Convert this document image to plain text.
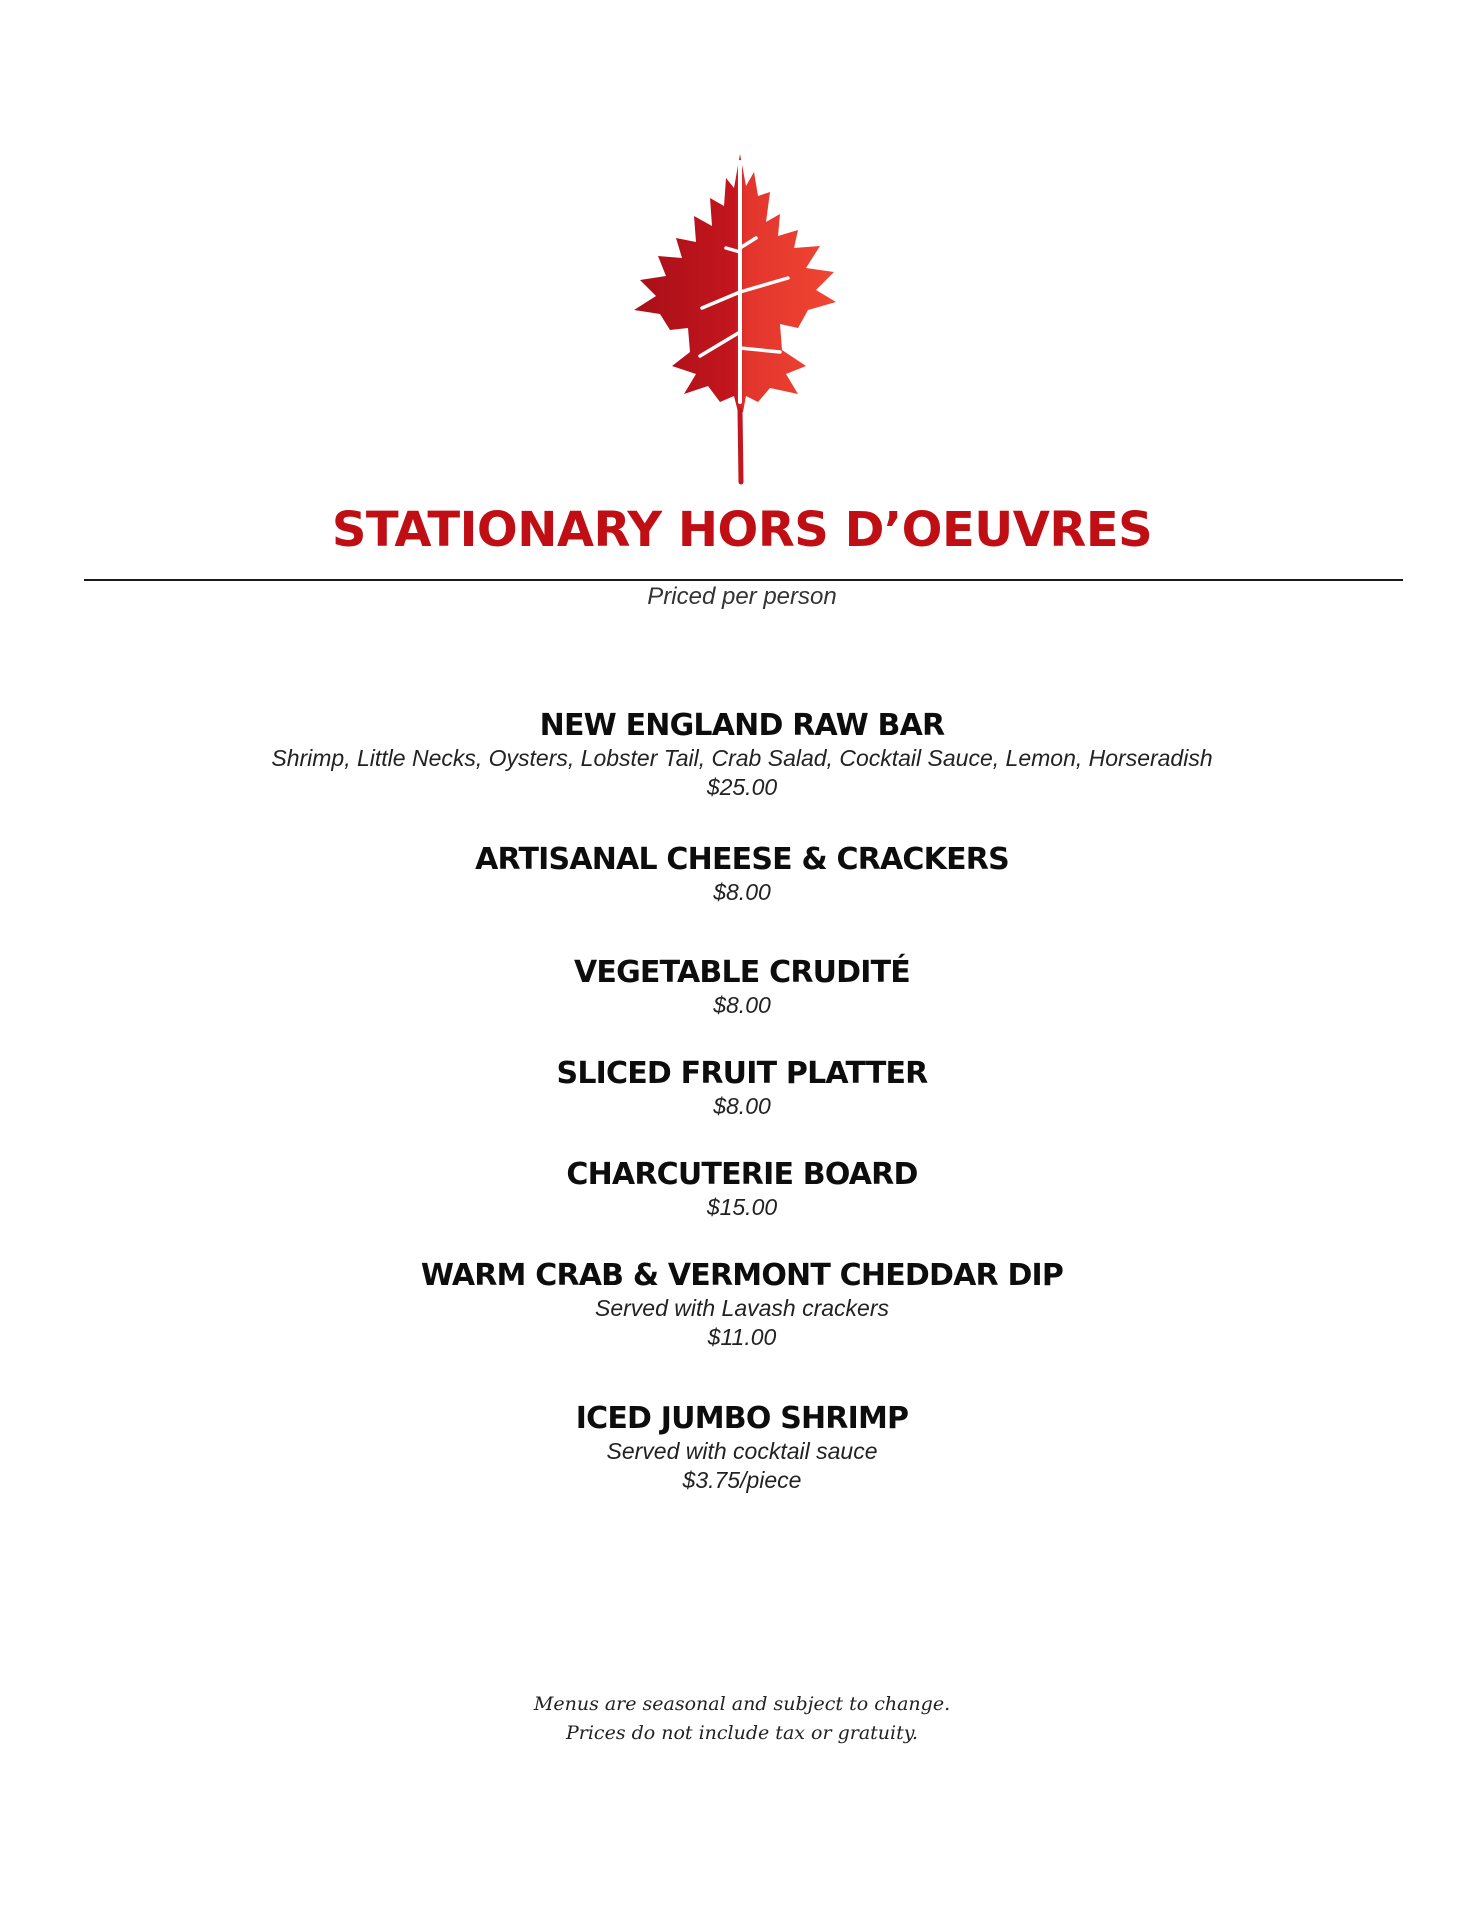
STATIONARY HORS D’OEUVRES
Priced per person
NEW ENGLAND RAW BAR
Shrimp, Little Necks, Oysters, Lobster Tail, Crab Salad, Cocktail Sauce, Lemon, Horseradish
$25.00
ARTISANAL CHEESE & CRACKERS
$8.00
VEGETABLE CRUDITÉ
$8.00
SLICED FRUIT PLATTER
$8.00
CHARCUTERIE BOARD
$15.00
WARM CRAB & VERMONT CHEDDAR DIP
Served with Lavash crackers
$11.00
ICED JUMBO SHRIMP
Served with cocktail sauce
$3.75/piece
Menus are seasonal and subject to change.
Prices do not include tax or gratuity.
